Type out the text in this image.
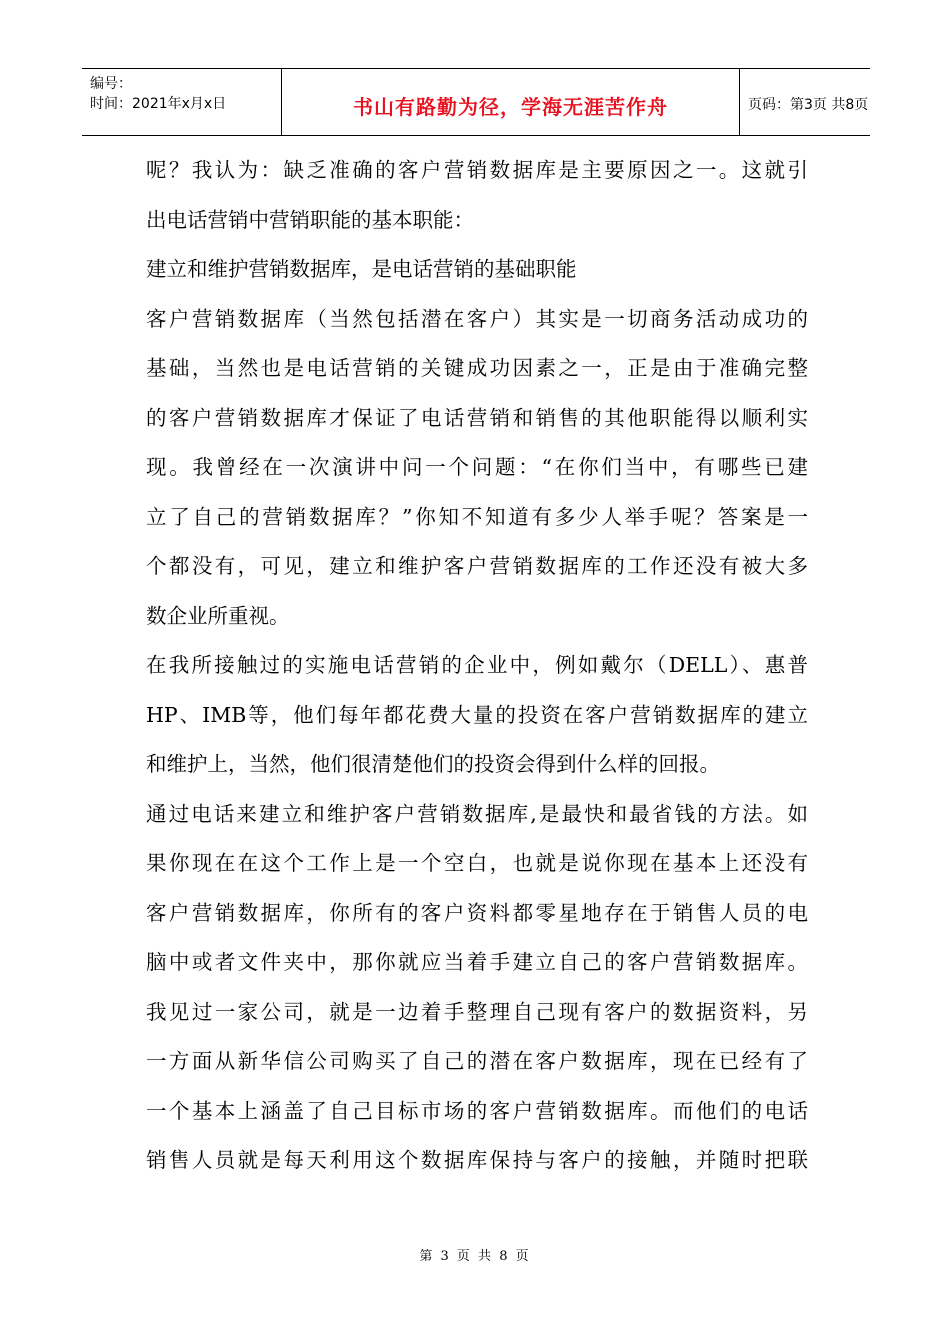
编号：
时间：2021年x月x日	书山有路勤为径，学海无涯苦作舟	页码：第3页 共8页
呢？我认为：缺乏准确的客户营销数据库是主要原因之一。这就引
出电话营销中营销职能的基本职能：
建立和维护营销数据库，是电话营销的基础职能
客户营销数据库（当然包括潜在客户）其实是一切商务活动成功的
基础，当然也是电话营销的关键成功因素之一，正是由于准确完整
的客户营销数据库才保证了电话营销和销售的其他职能得以顺利实
现。我曾经在一次演讲中问一个问题：“在你们当中，有哪些已建
立了自己的营销数据库？”你知不知道有多少人举手呢？答案是一
个都没有，可见，建立和维护客户营销数据库的工作还没有被大多
数企业所重视。
在我所接触过的实施电话营销的企业中，例如戴尔（DELL）、惠普
HP、IMB等，他们每年都花费大量的投资在客户营销数据库的建立
和维护上，当然，他们很清楚他们的投资会得到什么样的回报。
通过电话来建立和维护客户营销数据库,是最快和最省钱的方法。如
果你现在在这个工作上是一个空白，也就是说你现在基本上还没有
客户营销数据库，你所有的客户资料都零星地存在于销售人员的电
脑中或者文件夹中，那你就应当着手建立自己的客户营销数据库。
我见过一家公司，就是一边着手整理自己现有客户的数据资料，另
一方面从新华信公司购买了自己的潜在客户数据库，现在已经有了
一个基本上涵盖了自己目标市场的客户营销数据库。而他们的电话
销售人员就是每天利用这个数据库保持与客户的接触，并随时把联
第 3 页 共 8 页
